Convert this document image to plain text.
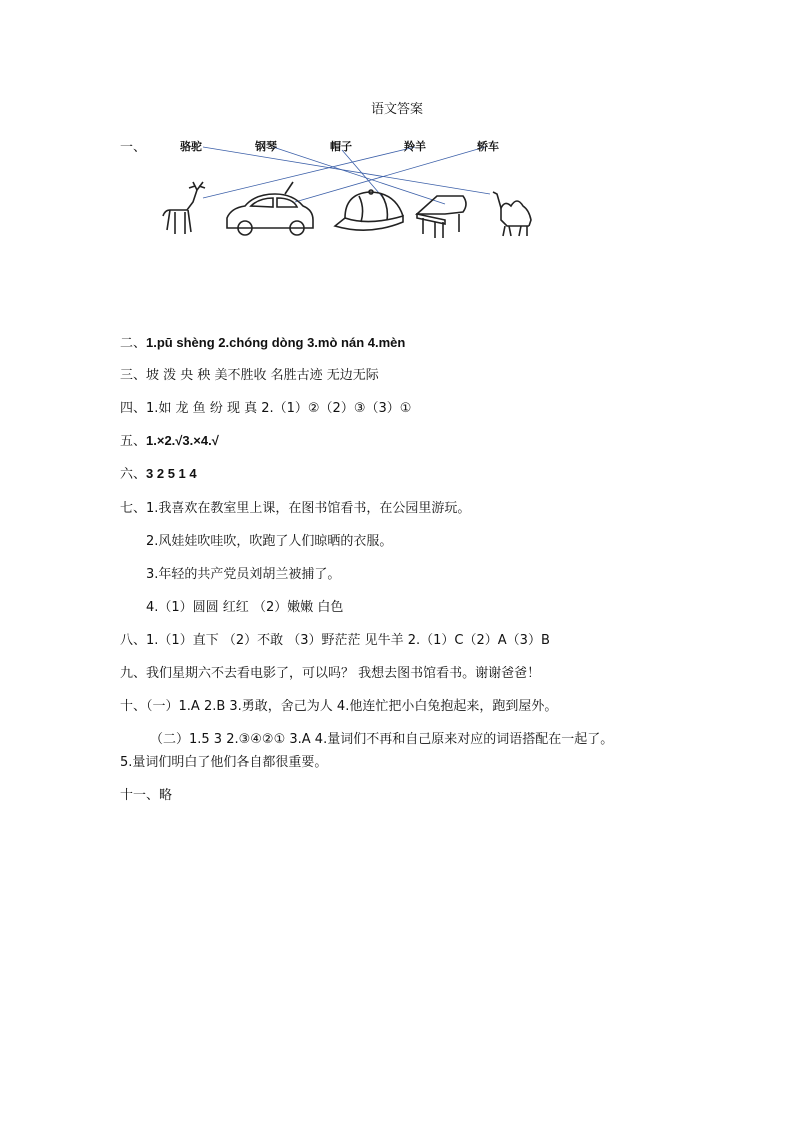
语文答案
一、	骆驼	钢琴	帽子	羚羊	轿车
二、1.pū shèng 2.chóng dòng 3.mò nán 4.mèn
三、坡 泼 央 秧 美不胜收 名胜古迹 无边无际
四、1.如 龙 鱼 纷 现 真 2.（1）②（2）③（3）①
五、1.×2.√3.×4.√
六、3 2 5 1 4
七、1.我喜欢在教室里上课，在图书馆看书，在公园里游玩。
2.风娃娃吹哇吹，吹跑了人们晾晒的衣服。
3.年轻的共产党员刘胡兰被捕了。
4.（1）圆圆 红红 （2）嫩嫩 白色
八、1.（1）直下 （2）不敢 （3）野茫茫 见牛羊 2.（1）C（2）A（3）B
九、我们星期六不去看电影了，可以吗？ 我想去图书馆看书。谢谢爸爸！
十、（一）1.A 2.B 3.勇敢，舍己为人 4.他连忙把小白兔抱起来，跑到屋外。
（二）1.5 3 2.③④②① 3.A 4.量词们不再和自己原来对应的词语搭配在一起了。
5.量词们明白了他们各自都很重要。
十一、略
